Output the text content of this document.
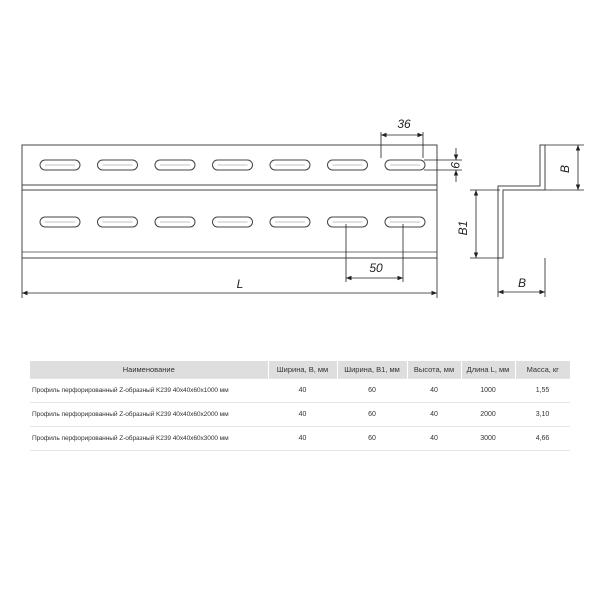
36
9
50
L
B
B1
B
Наименование	Ширина, В, мм	Ширина, В1, мм	Высота, мм	Длина L, мм	Масса, кг
Профиль перфорированный Z-образный K239 40x40x60x1000 мм	40	60	40	1000	1,55
Профиль перфорированный Z-образный K239 40x40x60x2000 мм	40	60	40	2000	3,10
Профиль перфорированный Z-образный K239 40x40x60x3000 мм	40	60	40	3000	4,66
